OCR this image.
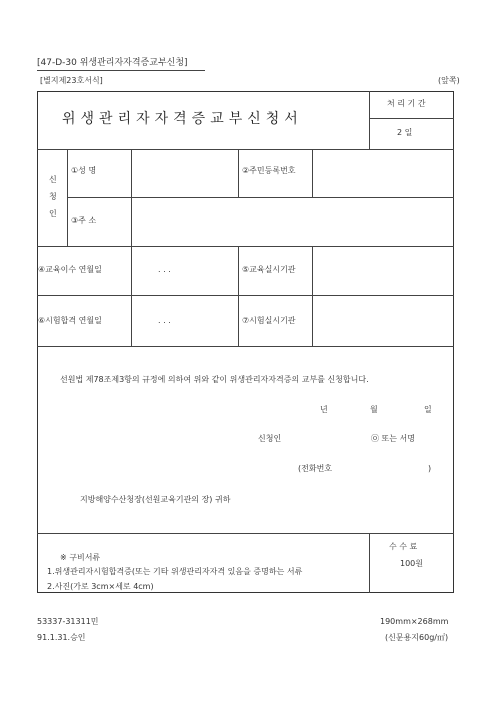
[47-D-30 위생관리자자격증교부신청]
[별지제23호서식]	(앞쪽)
위생관리자자격증교부신청서
처 리 기 간
2 일
신
청
인
①성 명	②주민등록번호
③주 소
④교육이수 연월일	. . .	⑤교육실시기관
⑥시험합격 연월일	. . .	⑦시험실시기관
선원법 제78조제3항의 규정에 의하여 위와 같이 위생관리자자격증의 교부를 신청합니다.
년	월	일
신청인	㉧ 또는 서명
(전화번호	)
지방해양수산청장(선원교육기관의 장) 귀하
※ 구비서류
1.위생관리자시험합격증(또는 기타 위생관리자자격 있음을 증명하는 서류
2.사진(가로 3cm×세로 4cm)
수 수 료
100원
53337-31311민
91.1.31.승인
190mm×268mm
(신문용지60g/㎡)
